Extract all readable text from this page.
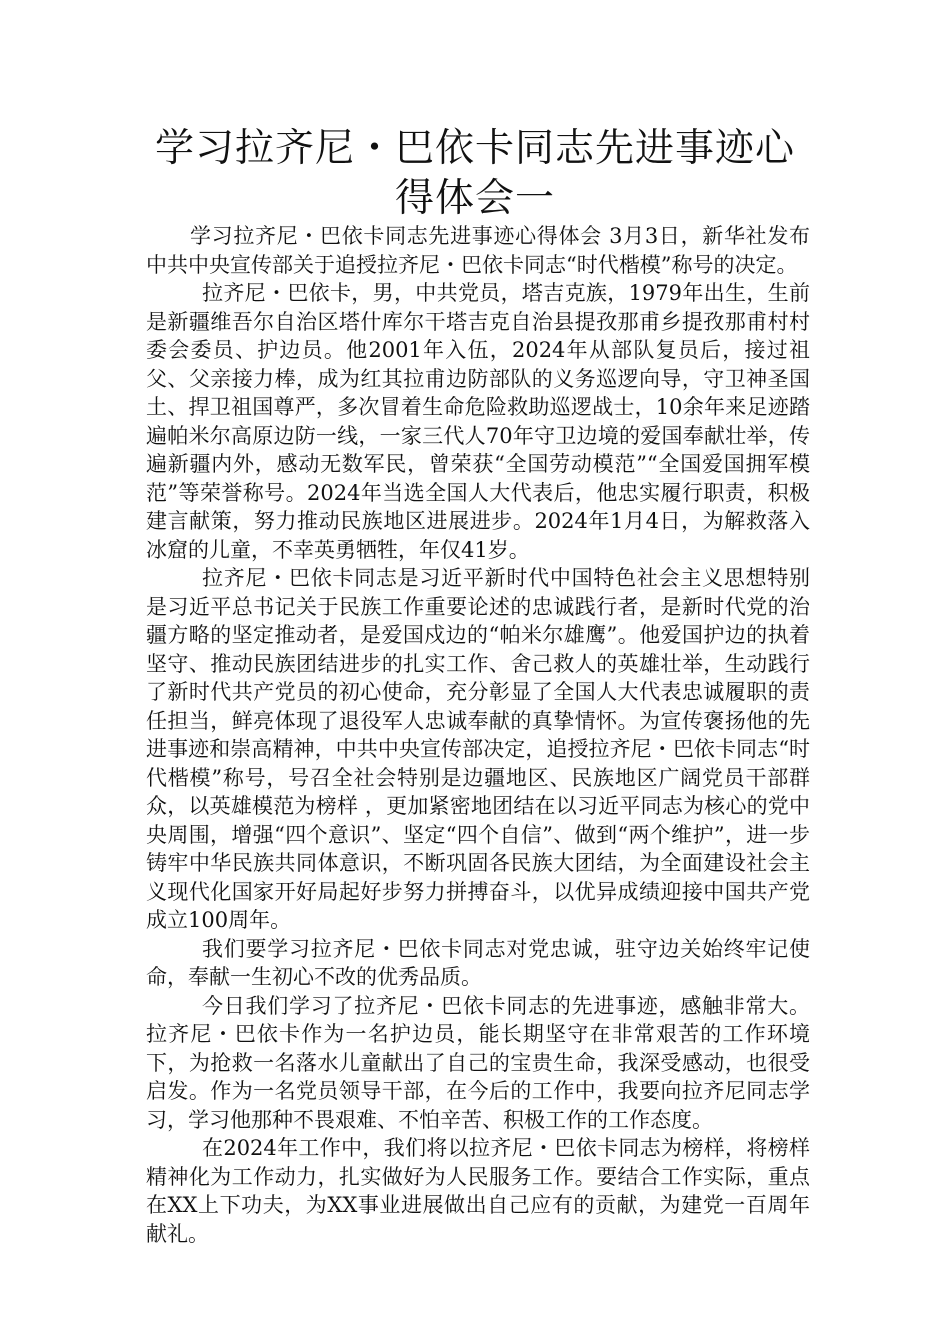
学习拉齐尼・巴依卡同志先进事迹心得体会一

学习拉齐尼・巴依卡同志先进事迹心得体会 3月3日，新华社发布中共中央宣传部关于追授拉齐尼・巴依卡同志“时代楷模”称号的决定。

拉齐尼・巴依卡，男，中共党员，塔吉克族，1979年出生，生前是新疆维吾尔自治区塔什库尔干塔吉克自治县提孜那甫乡提孜那甫村村委会委员、护边员。他2001年入伍，2024年从部队复员后，接过祖父、父亲接力棒，成为红其拉甫边防部队的义务巡逻向导，守卫神圣国土、捍卫祖国尊严，多次冒着生命危险救助巡逻战士，10余年来足迹踏遍帕米尔高原边防一线，一家三代人70年守卫边境的爱国奉献壮举，传遍新疆内外，感动无数军民，曾荣获“全国劳动模范”“全国爱国拥军模范”等荣誉称号。2024年当选全国人大代表后，他忠实履行职责，积极建言献策，努力推动民族地区进展进步。2024年1月4日，为解救落入冰窟的儿童，不幸英勇牺牲，年仅41岁。

拉齐尼・巴依卡同志是习近平新时代中国特色社会主义思想特别是习近平总书记关于民族工作重要论述的忠诚践行者，是新时代党的治疆方略的坚定推动者，是爱国戍边的“帕米尔雄鹰”。他爱国护边的执着坚守、推动民族团结进步的扎实工作、舍己救人的英雄壮举，生动践行了新时代共产党员的初心使命，充分彰显了全国人大代表忠诚履职的责任担当，鲜亮体现了退役军人忠诚奉献的真挚情怀。为宣传褒扬他的先进事迹和崇高精神，中共中央宣传部决定，追授拉齐尼・巴依卡同志“时代楷模”称号，号召全社会特别是边疆地区、民族地区广阔党员干部群众，以英雄模范为榜样 ，更加紧密地团结在以习近平同志为核心的党中央周围，增强“四个意识”、坚定“四个自信”、做到“两个维护”，进一步铸牢中华民族共同体意识，不断巩固各民族大团结，为全面建设社会主义现代化国家开好局起好步努力拼搏奋斗，以优异成绩迎接中国共产党成立100周年。

我们要学习拉齐尼・巴依卡同志对党忠诚，驻守边关始终牢记使命，奉献一生初心不改的优秀品质。

今日我们学习了拉齐尼・巴依卡同志的先进事迹，感触非常大。拉齐尼・巴依卡作为一名护边员，能长期坚守在非常艰苦的工作环境下，为抢救一名落水儿童献出了自己的宝贵生命，我深受感动，也很受启发。作为一名党员领导干部，在今后的工作中，我要向拉齐尼同志学习，学习他那种不畏艰难、不怕辛苦、积极工作的工作态度。

在2024年工作中，我们将以拉齐尼・巴依卡同志为榜样，将榜样精神化为工作动力，扎实做好为人民服务工作。要结合工作实际，重点在XX上下功夫，为XX事业进展做出自己应有的贡献，为建党一百周年献礼。
